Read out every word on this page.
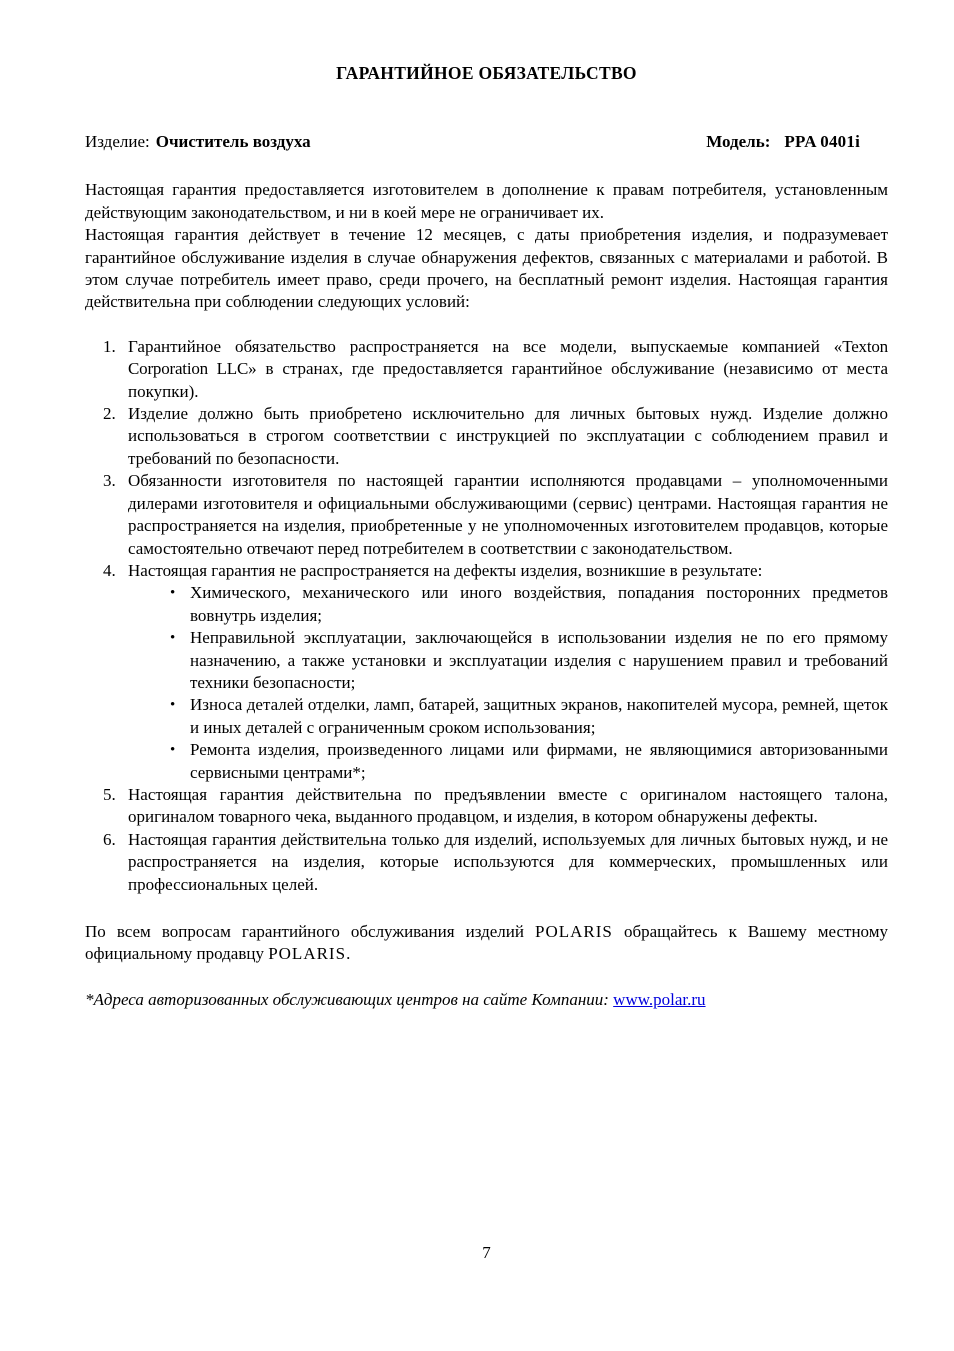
ГАРАНТИЙНОЕ ОБЯЗАТЕЛЬСТВО
Изделие: Очиститель воздуха	Модель: PPA 0401i

Настоящая гарантия предоставляется изготовителем в дополнение к правам потребителя, установленным действующим законодательством, и ни в коей мере не ограничивает их.

Настоящая гарантия действует в течение 12 месяцев, с даты приобретения изделия, и подразумевает гарантийное обслуживание изделия в случае обнаружения дефектов, связанных с материалами и работой. В этом случае потребитель имеет право, среди прочего, на бесплатный ремонт изделия. Настоящая гарантия действительна при соблюдении следующих условий:

1. Гарантийное обязательство распространяется на все модели, выпускаемые компанией «Texton Corporation LLC» в странах, где предоставляется гарантийное обслуживание (независимо от места покупки).
2. Изделие должно быть приобретено исключительно для личных бытовых нужд. Изделие должно использоваться в строгом соответствии с инструкцией по эксплуатации с соблюдением правил и требований по безопасности.
3. Обязанности изготовителя по настоящей гарантии исполняются продавцами – уполномоченными дилерами изготовителя и официальными обслуживающими (сервис) центрами. Настоящая гарантия не распространяется на изделия, приобретенные у не уполномоченных изготовителем продавцов, которые самостоятельно отвечают перед потребителем в соответствии с законодательством.
4. Настоящая гарантия не распространяется на дефекты изделия, возникшие в результате:
• Химического, механического или иного воздействия, попадания посторонних предметов вовнутрь изделия;
• Неправильной эксплуатации, заключающейся в использовании изделия не по его прямому назначению, а также установки и эксплуатации изделия с нарушением правил и требований техники безопасности;
• Износа деталей отделки, ламп, батарей, защитных экранов, накопителей мусора, ремней, щеток и иных деталей с ограниченным сроком использования;
• Ремонта изделия, произведенного лицами или фирмами, не являющимися авторизованными сервисными центрами*;
5. Настоящая гарантия действительна по предъявлении вместе с оригиналом настоящего талона, оригиналом товарного чека, выданного продавцом, и изделия, в котором обнаружены дефекты.
6. Настоящая гарантия действительна только для изделий, используемых для личных бытовых нужд, и не распространяется на изделия, которые используются для коммерческих, промышленных или профессиональных целей.

По всем вопросам гарантийного обслуживания изделий POLARIS обращайтесь к Вашему местному официальному продавцу POLARIS.

*Адреса авторизованных обслуживающих центров на сайте Компании: www.polar.ru

7
